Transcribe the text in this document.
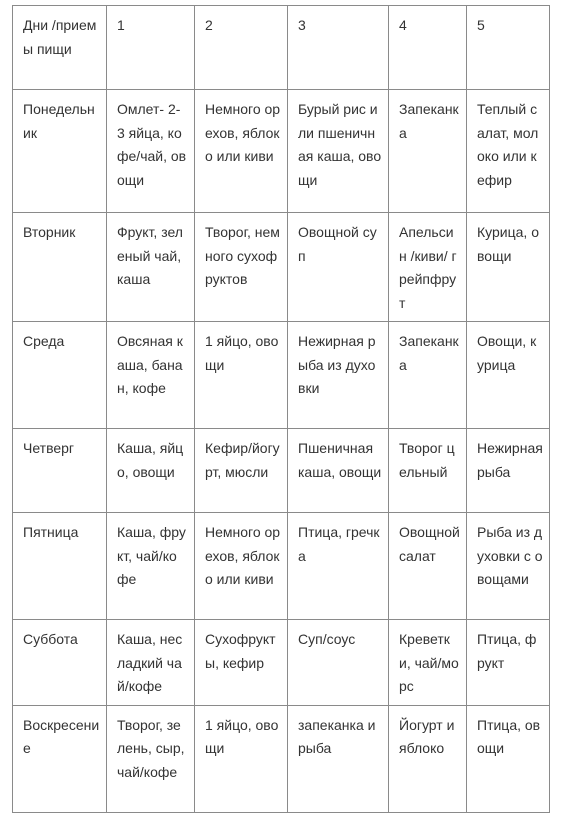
Дни /приемы пищи	1	2	3	4	5
Понедельник	Омлет- 2-3 яйца, кофе/чай, овощи	Немного орехов, яблоко или киви	Бурый рис или пшеничная каша, овощи	Запеканка	Теплый салат, молоко или кефир
Вторник	Фрукт, зеленый чай, каша	Творог, немного сухофруктов	Овощной суп	Апельсин /киви/ грейпфрут	Курица, овощи
Среда	Овсяная каша, банан, кофе	1 яйцо, овощи	Нежирная рыба из духовки	Запеканка	Овощи, курица
Четверг	Каша, яйцо, овощи	Кефир/йогурт, мюсли	Пшеничная каша, овощи	Творог цельный	Нежирная рыба
Пятница	Каша, фрукт, чай/кофе	Немного орехов, яблоко или киви	Птица, гречка	Овощной салат	Рыба из духовки с овощами
Суббота	Каша, несладкий чай/кофе	Сухофрукты, кефир	Суп/соус	Креветки, чай/морс	Птица, фрукт
Воскресение	Творог, зелень, сыр, чай/кофе	1 яйцо, овощи	запеканка и рыба	Йогурт и яблоко	Птица, овощи
